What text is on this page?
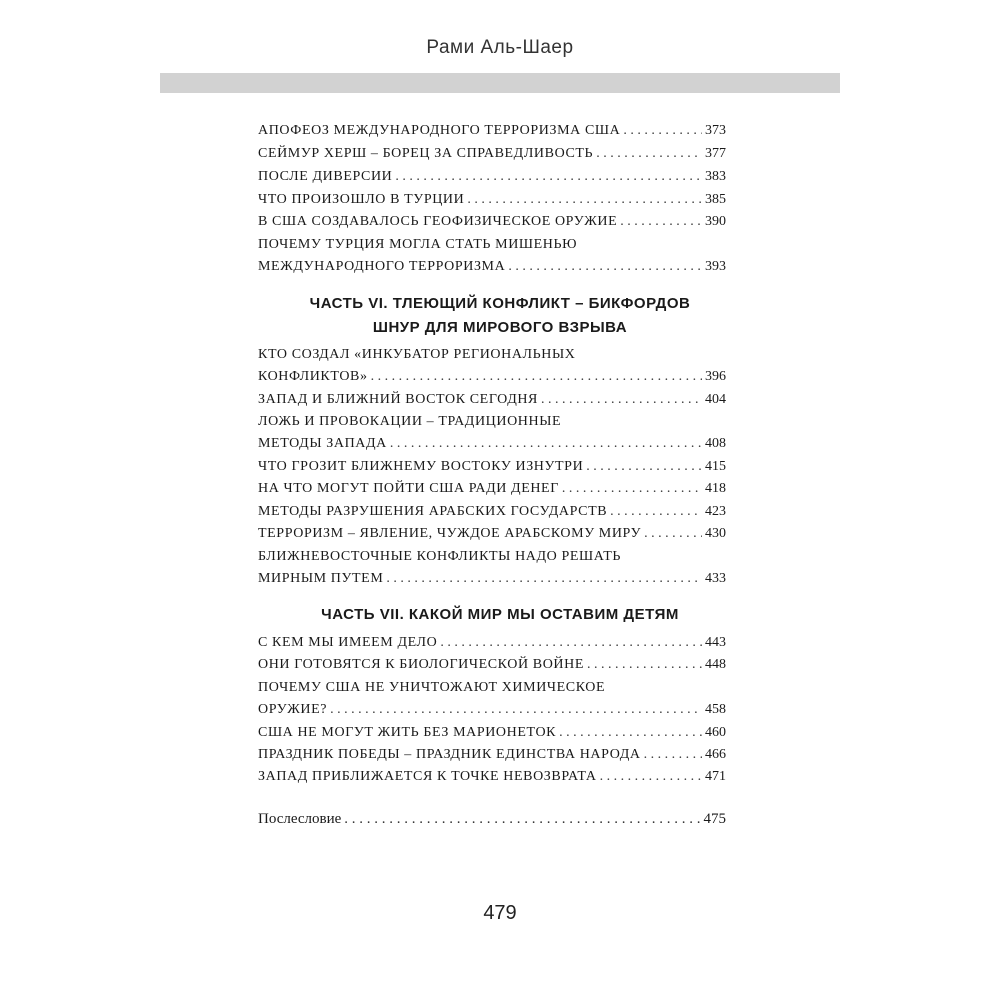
Рами Аль-Шаер
АПОФЕОЗ МЕЖДУНАРОДНОГО ТЕРРОРИЗМА США . . .	373
СЕЙМУР ХЕРШ – БОРЕЦ ЗА СПРАВЕДЛИВОСТЬ . . .	377
ПОСЛЕ ДИВЕРСИИ . . .	383
ЧТО ПРОИЗОШЛО В ТУРЦИИ . . .	385
В США СОЗДАВАЛОСЬ ГЕОФИЗИЧЕСКОЕ ОРУЖИЕ . . .	390
ПОЧЕМУ ТУРЦИЯ МОГЛА СТАТЬ МИШЕНЬЮ
МЕЖДУНАРОДНОГО ТЕРРОРИЗМА . . .	393
ЧАСТЬ VI. ТЛЕЮЩИЙ КОНФЛИКТ – БИКФОРДОВ
ШНУР ДЛЯ МИРОВОГО ВЗРЫВА
КТО СОЗДАЛ «ИНКУБАТОР РЕГИОНАЛЬНЫХ
КОНФЛИКТОВ» . . .	396
ЗАПАД И БЛИЖНИЙ ВОСТОК СЕГОДНЯ . . .	404
ЛОЖЬ И ПРОВОКАЦИИ – ТРАДИЦИОННЫЕ
МЕТОДЫ ЗАПАДА . . .	408
ЧТО ГРОЗИТ БЛИЖНЕМУ ВОСТОКУ ИЗНУТРИ . . .	415
НА ЧТО МОГУТ ПОЙТИ США РАДИ ДЕНЕГ . . .	418
МЕТОДЫ РАЗРУШЕНИЯ АРАБСКИХ ГОСУДАРСТВ . . .	423
ТЕРРОРИЗМ – ЯВЛЕНИЕ, ЧУЖДОЕ АРАБСКОМУ МИРУ . . .	430
БЛИЖНЕВОСТОЧНЫЕ КОНФЛИКТЫ НАДО РЕШАТЬ
МИРНЫМ ПУТЕМ . . .	433
ЧАСТЬ VII. КАКОЙ МИР МЫ ОСТАВИМ ДЕТЯМ
С КЕМ МЫ ИМЕЕМ ДЕЛО . . .	443
ОНИ ГОТОВЯТСЯ К БИОЛОГИЧЕСКОЙ ВОЙНЕ . . .	448
ПОЧЕМУ США НЕ УНИЧТОЖАЮТ ХИМИЧЕСКОЕ
ОРУЖИЕ? . . .	458
США НЕ МОГУТ ЖИТЬ БЕЗ МАРИОНЕТОК . . .	460
ПРАЗДНИК ПОБЕДЫ – ПРАЗДНИК ЕДИНСТВА НАРОДА . . .	466
ЗАПАД ПРИБЛИЖАЕТСЯ К ТОЧКЕ НЕВОЗВРАТА . . .	471
Послесловие . . .	475
479
